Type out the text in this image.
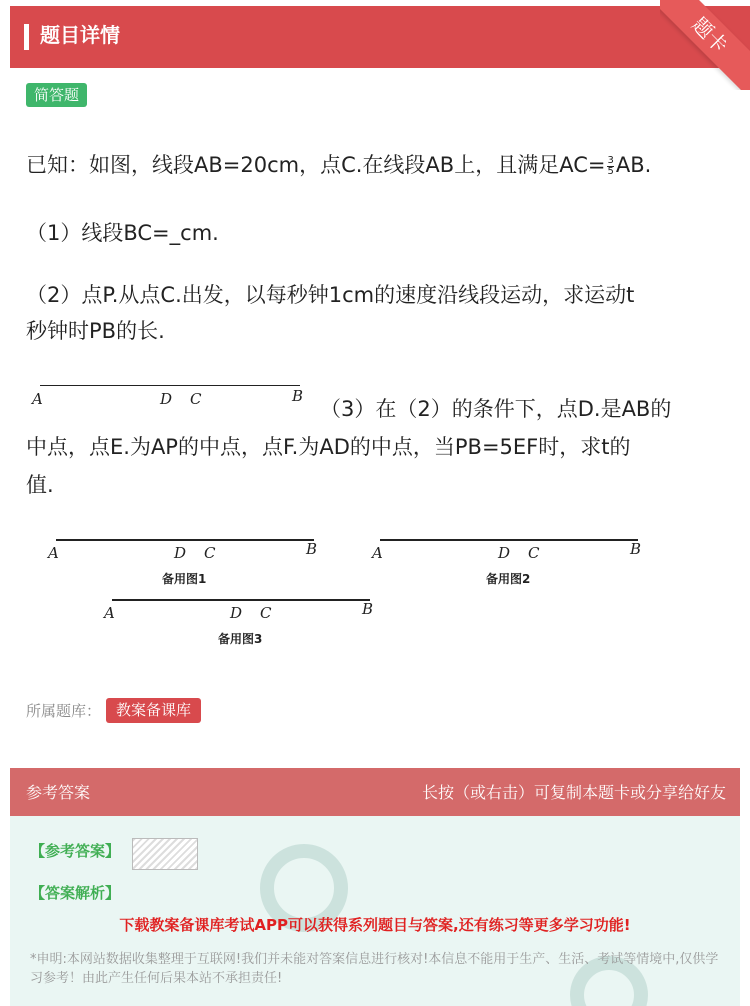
题目详情	题卡
简答题
已知：如图，线段AB=20cm，点C.在线段AB上，且满足$AC= \frac{3}{5}$ AB.
（1）线段BC=_cm.
（2）点P.从点C.出发，以每秒钟1cm的速度沿线段运动，求运动t
秒钟时PB的长.
A	D C	B
（3）在（2）的条件下，点D.是AB的
中点，点E.为AP的中点，点F.为AD的中点，当PB=5EF时，求t的
值.
A	D C	B
备用图1
A	D C	B
备用图2
A	D C	B
备用图3
所属题库： 教案备课库
参考答案	长按（或右击）可复制本题卡或分享给好友
【参考答案】
【答案解析】
下载教案备课库考试APP可以获得系列题目与答案,还有练习等更多学习功能!
*申明:本网站数据收集整理于互联网!我们并未能对答案信息进行核对!本信息不能用于生产、生活、考试等情境中,仅供学习参考！由此产生任何后果本站不承担责任!
